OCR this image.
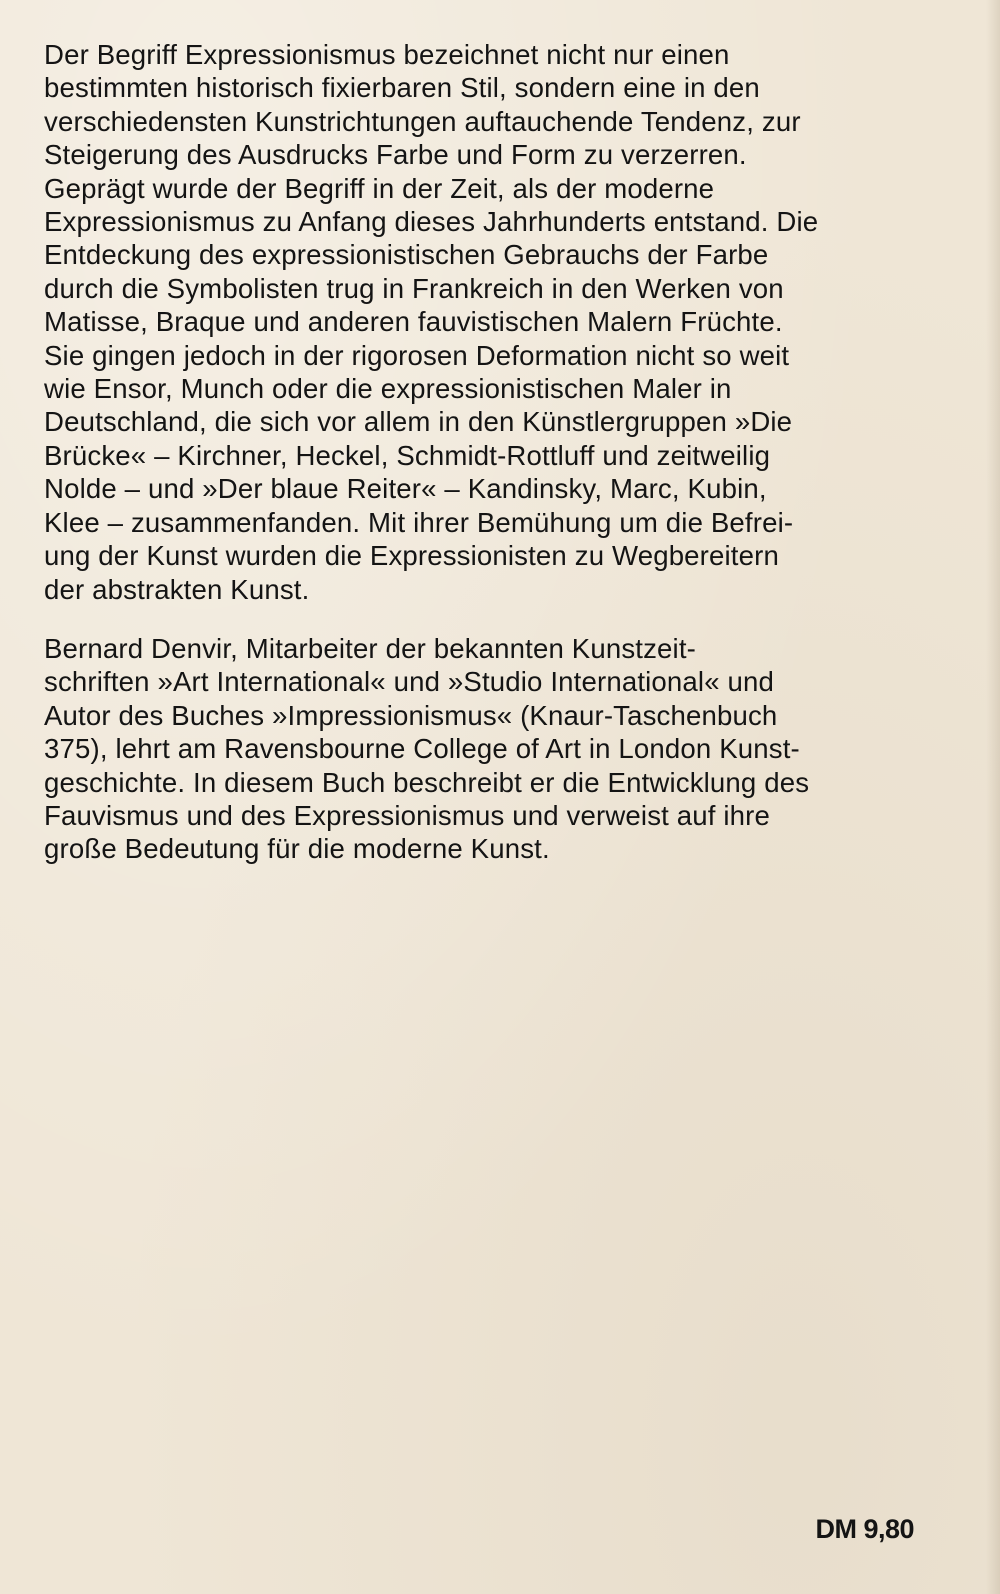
Der Begriff Expressionismus bezeichnet nicht nur einen
bestimmten historisch fixierbaren Stil, sondern eine in den
verschiedensten Kunstrichtungen auftauchende Tendenz, zur
Steigerung des Ausdrucks Farbe und Form zu verzerren.
Geprägt wurde der Begriff in der Zeit, als der moderne
Expressionismus zu Anfang dieses Jahrhunderts entstand. Die
Entdeckung des expressionistischen Gebrauchs der Farbe
durch die Symbolisten trug in Frankreich in den Werken von
Matisse, Braque und anderen fauvistischen Malern Früchte.
Sie gingen jedoch in der rigorosen Deformation nicht so weit
wie Ensor, Munch oder die expressionistischen Maler in
Deutschland, die sich vor allem in den Künstlergruppen »Die
Brücke« – Kirchner, Heckel, Schmidt-Rottluff und zeitweilig
Nolde – und »Der blaue Reiter« – Kandinsky, Marc, Kubin,
Klee – zusammenfanden. Mit ihrer Bemühung um die Befrei-
ung der Kunst wurden die Expressionisten zu Wegbereitern
der abstrakten Kunst.
Bernard Denvir, Mitarbeiter der bekannten Kunstzeit-
schriften »Art International« und »Studio International« und
Autor des Buches »Impressionismus« (Knaur-Taschenbuch
375), lehrt am Ravensbourne College of Art in London Kunst-
geschichte. In diesem Buch beschreibt er die Entwicklung des
Fauvismus und des Expressionismus und verweist auf ihre
große Bedeutung für die moderne Kunst.
DM 9,80
